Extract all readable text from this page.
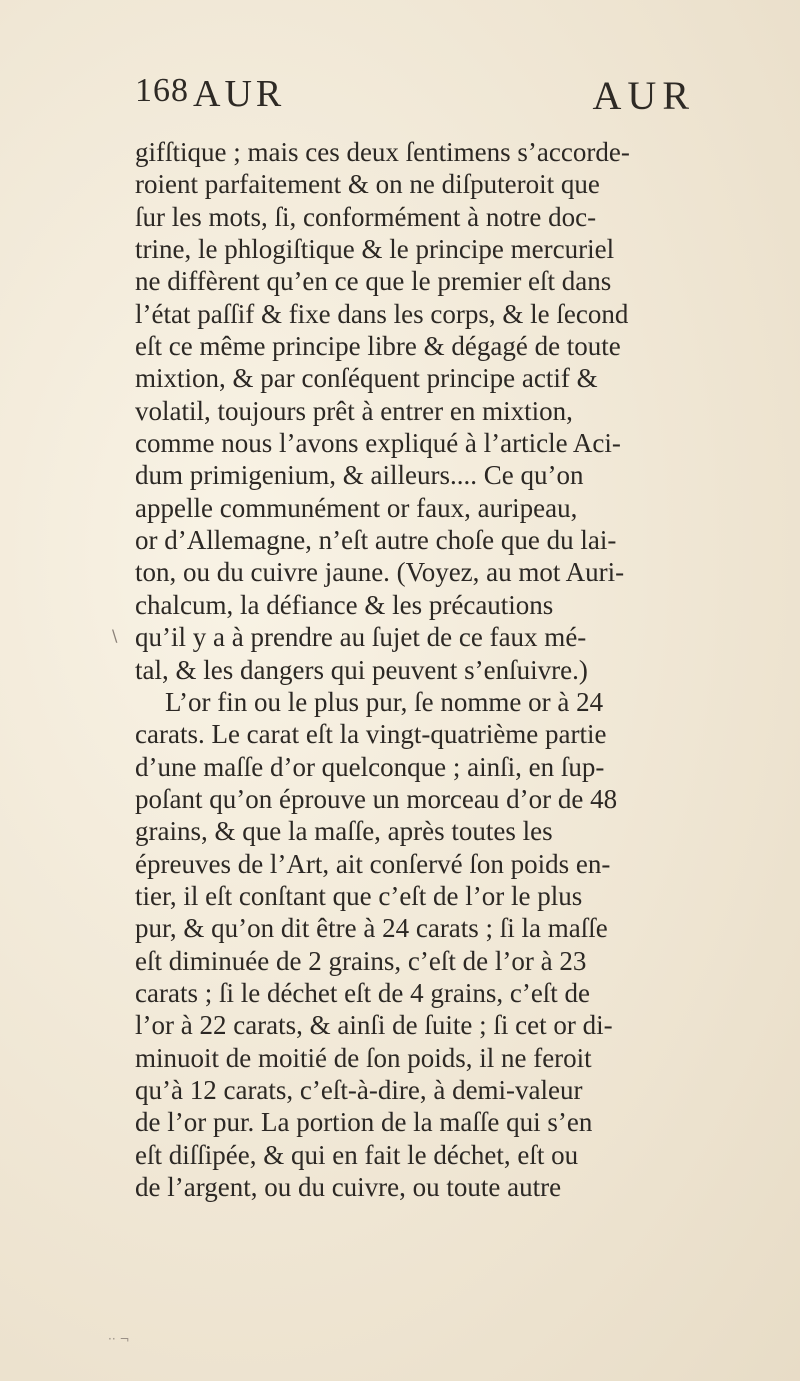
168 AUR	AUR
\
gifſtique ; mais ces deux ſentimens s’accorde-
roient parfaitement & on ne diſputeroit que
ſur les mots, ſi, conformément à notre doc-
trine, le phlogiſtique & le principe mercuriel
ne diffèrent qu’en ce que le premier eſt dans
l’état paſſif & fixe dans les corps, & le ſecond
eſt ce même principe libre & dégagé de toute
mixtion, & par conſéquent principe actif &
volatil, toujours prêt à entrer en mixtion,
comme nous l’avons expliqué à l’article Aci-
dum primigenium, & ailleurs.... Ce qu’on
appelle communément or faux, auripeau,
or d’Allemagne, n’eſt autre choſe que du lai-
ton, ou du cuivre jaune. (Voyez, au mot Auri-
chalcum, la défiance & les précautions
qu’il y a à prendre au ſujet de ce faux mé-
tal, & les dangers qui peuvent s’enſuivre.)
L’or fin ou le plus pur, ſe nomme or à 24
carats. Le carat eſt la vingt-quatrième partie
d’une maſſe d’or quelconque ; ainſi, en ſup-
poſant qu’on éprouve un morceau d’or de 48
grains, & que la maſſe, après toutes les
épreuves de l’Art, ait conſervé ſon poids en-
tier, il eſt conſtant que c’eſt de l’or le plus
pur, & qu’on dit être à 24 carats ; ſi la maſſe
eſt diminuée de 2 grains, c’eſt de l’or à 23
carats ; ſi le déchet eſt de 4 grains, c’eſt de
l’or à 22 carats, & ainſi de ſuite ; ſi cet or di-
minuoit de moitié de ſon poids, il ne feroit
qu’à 12 carats, c’eſt-à-dire, à demi-valeur
de l’or pur. La portion de la maſſe qui s’en
eſt diſſipée, & qui en fait le déchet, eſt ou
de l’argent, ou du cuivre, ou toute autre
·· ¬
